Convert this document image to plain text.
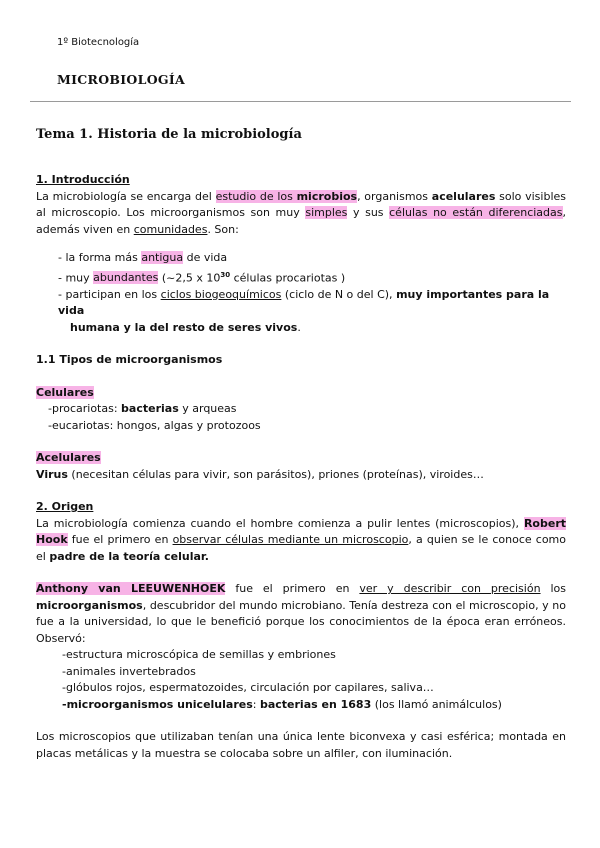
1º Biotecnología
MICROBIOLOGÍA
Tema 1. Historia de la microbiología

1. Introducción

La microbiología se encarga del estudio de los microbios, organismos acelulares solo visibles al microscopio. Los microorganismos son muy simples y sus células no están diferenciadas, además viven en comunidades. Son:

- la forma más antigua de vida

- muy abundantes (~2,5 x $10^{30}$ células procariotas )

- participan en los ciclos biogeoquímicos (ciclo de N o del C), muy importantes para la vida

humana y la del resto de seres vivos.

1.1 Tipos de microorganismos

Celulares

-procariotas: bacterias y arqueas

-eucariotas: hongos, algas y protozoos

Acelulares

Virus (necesitan células para vivir, son parásitos), priones (proteínas), viroides…

2. Origen

La microbiología comienza cuando el hombre comienza a pulir lentes (microscopios), Robert Hook fue el primero en observar células mediante un microscopio, a quien se le conoce como el padre de la teoría celular.

Anthony van LEEUWENHOEK fue el primero en ver y describir con precisión los microorganismos, descubridor del mundo microbiano. Tenía destreza con el microscopio, y no fue a la universidad, lo que le benefició porque los conocimientos de la época eran erróneos. Observó:

-estructura microscópica de semillas y embriones

-animales invertebrados

-glóbulos rojos, espermatozoides, circulación por capilares, saliva…

-microorganismos unicelulares: bacterias en 1683 (los llamó animálculos)

Los microscopios que utilizaban tenían una única lente biconvexa y casi esférica; montada en placas metálicas y la muestra se colocaba sobre un alfiler, con iluminación.
